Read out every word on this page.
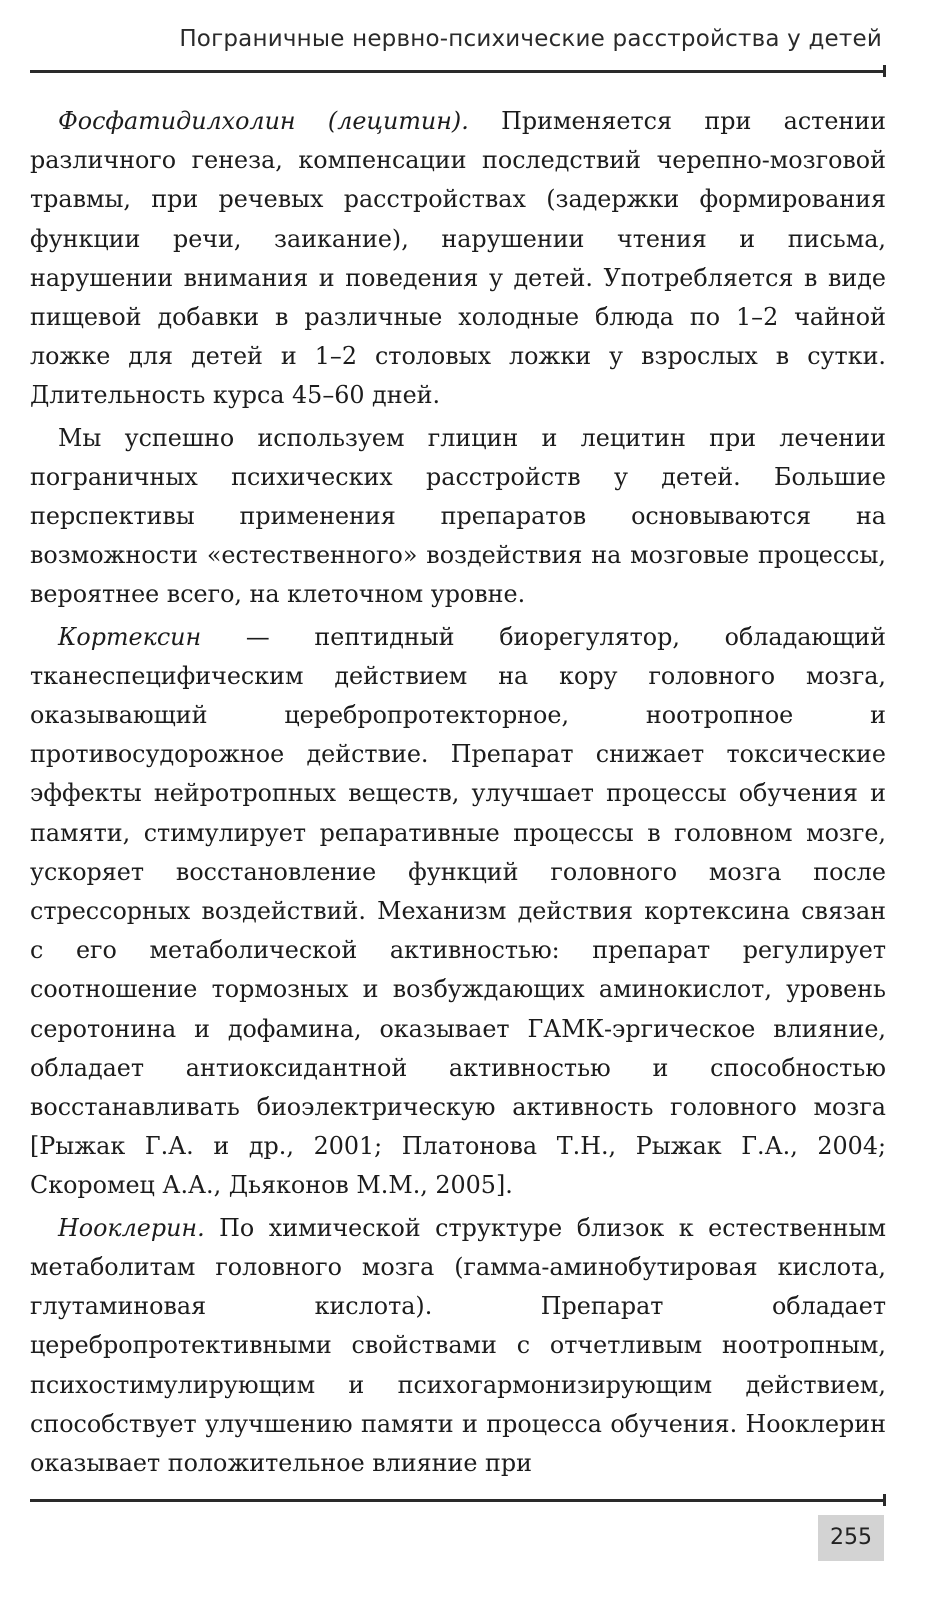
Пограничные нервно-психические расстройства у детей

Фосфатидилхолин (лецитин). Применяется при астении различного генеза, компенсации последствий черепно-мозговой травмы, при речевых расстройствах (задержки формирования функции речи, заикание), нарушении чтения и письма, нарушении внимания и поведения у детей. Употребляется в виде пищевой добавки в различные холодные блюда по 1–2 чайной ложке для детей и 1–2 столовых ложки у взрослых в сутки. Длительность курса 45–60 дней.

Мы успешно используем глицин и лецитин при лечении пограничных психических расстройств у детей. Большие перспективы применения препаратов основываются на возможности «естественного» воздействия на мозговые процессы, вероятнее всего, на клеточном уровне.

Кортексин — пептидный биорегулятор, обладающий тканеспецифическим действием на кору головного мозга, оказывающий церебропротекторное, ноотропное и противосудорожное действие. Препарат снижает токсические эффекты нейротропных веществ, улучшает процессы обучения и памяти, стимулирует репаративные процессы в головном мозге, ускоряет восстановление функций головного мозга после стрессорных воздействий. Механизм действия кортексина связан с его метаболической активностью: препарат регулирует соотношение тормозных и возбуждающих аминокислот, уровень серотонина и дофамина, оказывает ГАМК-эргическое влияние, обладает антиоксидантной активностью и способностью восстанавливать биоэлектрическую активность головного мозга [Рыжак Г.А. и др., 2001; Платонова Т.Н., Рыжак Г.А., 2004; Скоромец А.А., Дьяконов М.М., 2005].

Нооклерин. По химической структуре близок к естественным метаболитам головного мозга (гамма-аминобутировая кислота, глутаминовая кислота). Препарат обладает церебропротективными свойствами с отчетливым ноотропным, психостимулирующим и психогармонизирующим действием, способствует улучшению памяти и процесса обучения. Нооклерин оказывает положительное влияние при

255
